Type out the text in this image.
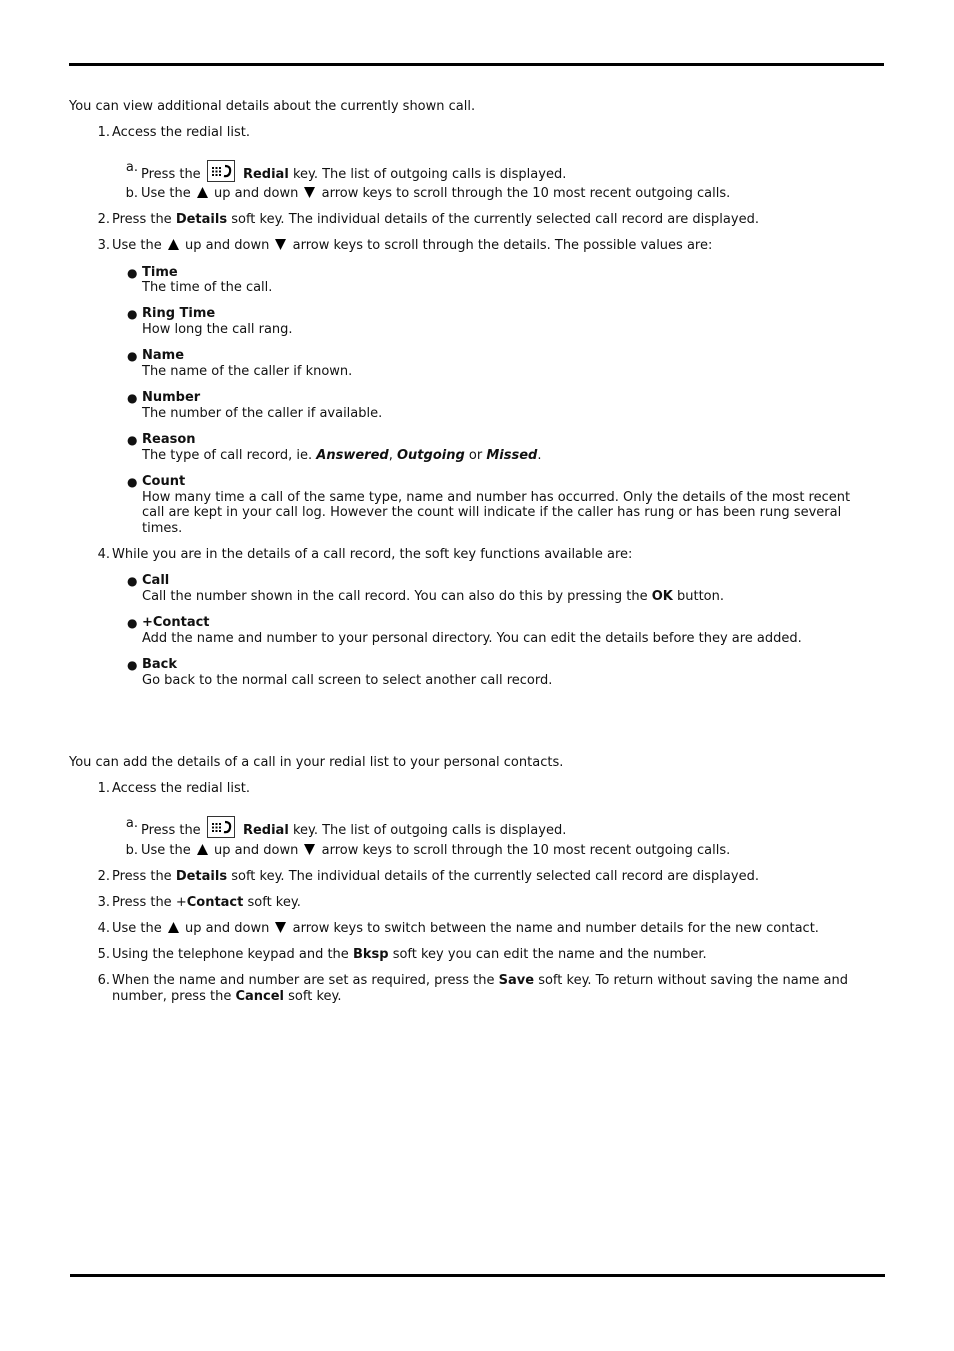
You can view additional details about the currently shown call.
1. Access the redial list.
a. Press the	Redial key. The list of outgoing calls is displayed.
b. Use the up and down arrow keys to scroll through the 10 most recent outgoing calls.
2. Press the Details soft key. The individual details of the currently selected call record are displayed.
3. Use the up and down arrow keys to scroll through the details. The possible values are:
● Time
The time of the call.
● Ring Time
How long the call rang.
● Name
The name of the caller if known.
● Number
The number of the caller if available.
● Reason
The type of call record, ie. Answered, Outgoing or Missed.
● Count
How many time a call of the same type, name and number has occurred. Only the details of the most recent
call are kept in your call log. However the count will indicate if the caller has rung or has been rung several
times.
4. While you are in the details of a call record, the soft key functions available are:
● Call
Call the number shown in the call record. You can also do this by pressing the OK button.
● +Contact
Add the name and number to your personal directory. You can edit the details before they are added.
● Back
Go back to the normal call screen to select another call record.
You can add the details of a call in your redial list to your personal contacts.
1. Access the redial list.
a. Press the	Redial key. The list of outgoing calls is displayed.
b. Use the up and down arrow keys to scroll through the 10 most recent outgoing calls.
2. Press the Details soft key. The individual details of the currently selected call record are displayed.
3. Press the +Contact soft key.
4. Use the up and down arrow keys to switch between the name and number details for the new contact.
5. Using the telephone keypad and the Bksp soft key you can edit the name and the number.
6. When the name and number are set as required, press the Save soft key. To return without saving the name and
number, press the Cancel soft key.
